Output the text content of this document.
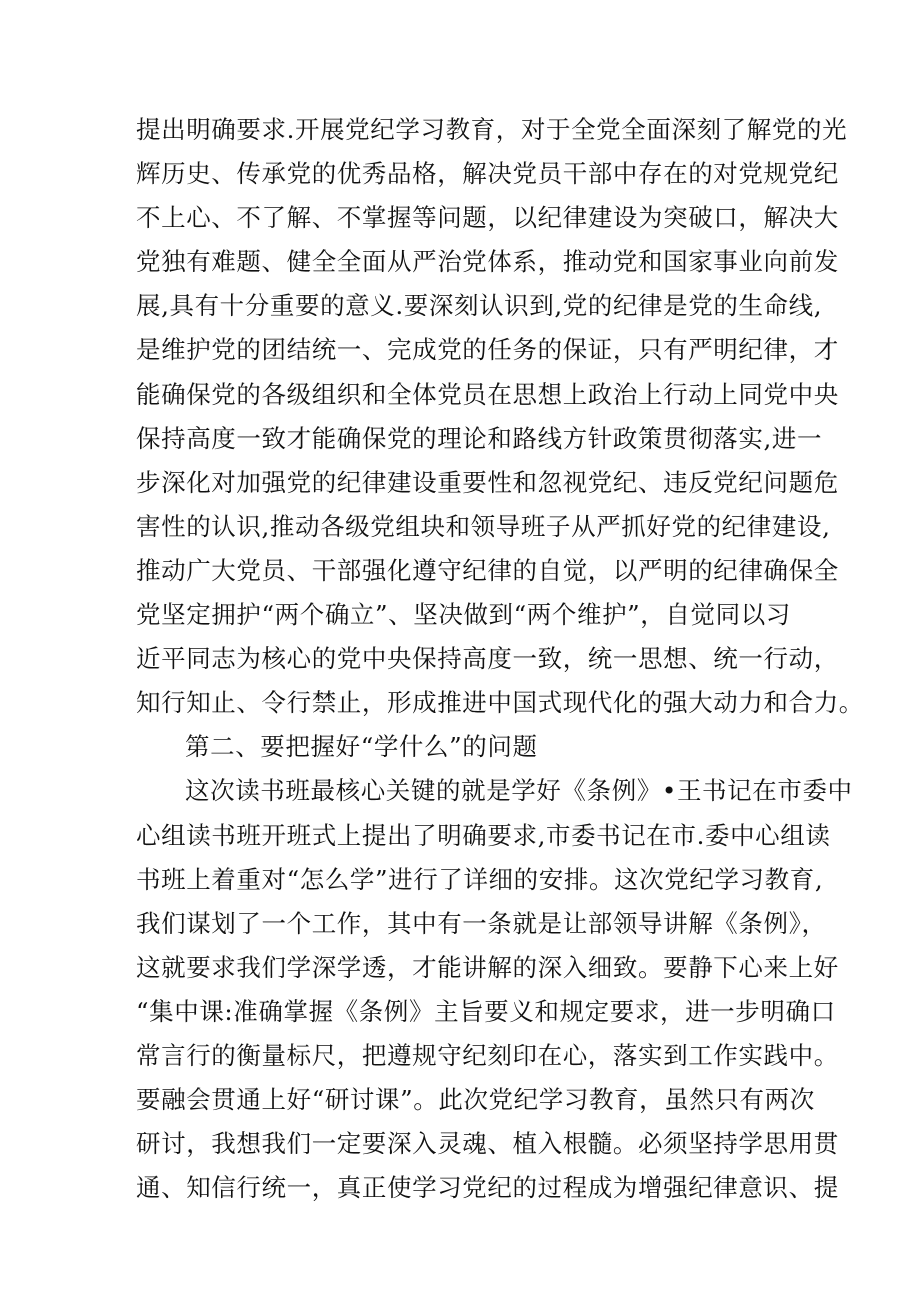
提出明确要求.开展党纪学习教育，对于全党全面深刻了解党的光
辉历史、传承党的优秀品格，解决党员干部中存在的对党规党纪
不上心、不了解、不掌握等问题，以纪律建设为突破口，解决大
党独有难题、健全全面从严治党体系，推动党和国家事业向前发
展,具有十分重要的意义.要深刻认识到,党的纪律是党的生命线,
是维护党的团结统一、完成党的任务的保证，只有严明纪律，才
能确保党的各级组织和全体党员在思想上政治上行动上同党中央
保持高度一致才能确保党的理论和路线方针政策贯彻落实,进一
步深化对加强党的纪律建设重要性和忽视党纪、违反党纪问题危
害性的认识,推动各级党组块和领导班子从严抓好党的纪律建设,
推动广大党员、干部强化遵守纪律的自觉，以严明的纪律确保全
党坚定拥护“两个确立”、坚决做到“两个维护”，自觉同以习
近平同志为核心的党中央保持高度一致，统一思想、统一行动，
知行知止、令行禁止，形成推进中国式现代化的强大动力和合力。
第二、要把握好“学什么”的问题
这次读书班最核心关键的就是学好《条例》•王书记在市委中
心组读书班开班式上提出了明确要求,市委书记在市.委中心组读
书班上着重对“怎么学”进行了详细的安排。这次党纪学习教育,
我们谋划了一个工作，其中有一条就是让部领导讲解《条例》，
这就要求我们学深学透，才能讲解的深入细致。要静下心来上好
“集中课:准确掌握《条例》主旨要义和规定要求，进一步明确口
常言行的衡量标尺，把遵规守纪刻印在心，落实到工作实践中。
要融会贯通上好“研讨课”。此次党纪学习教育，虽然只有两次
研讨，我想我们一定要深入灵魂、植入根髓。必须坚持学思用贯
通、知信行统一，真正使学习党纪的过程成为增强纪律意识、提
